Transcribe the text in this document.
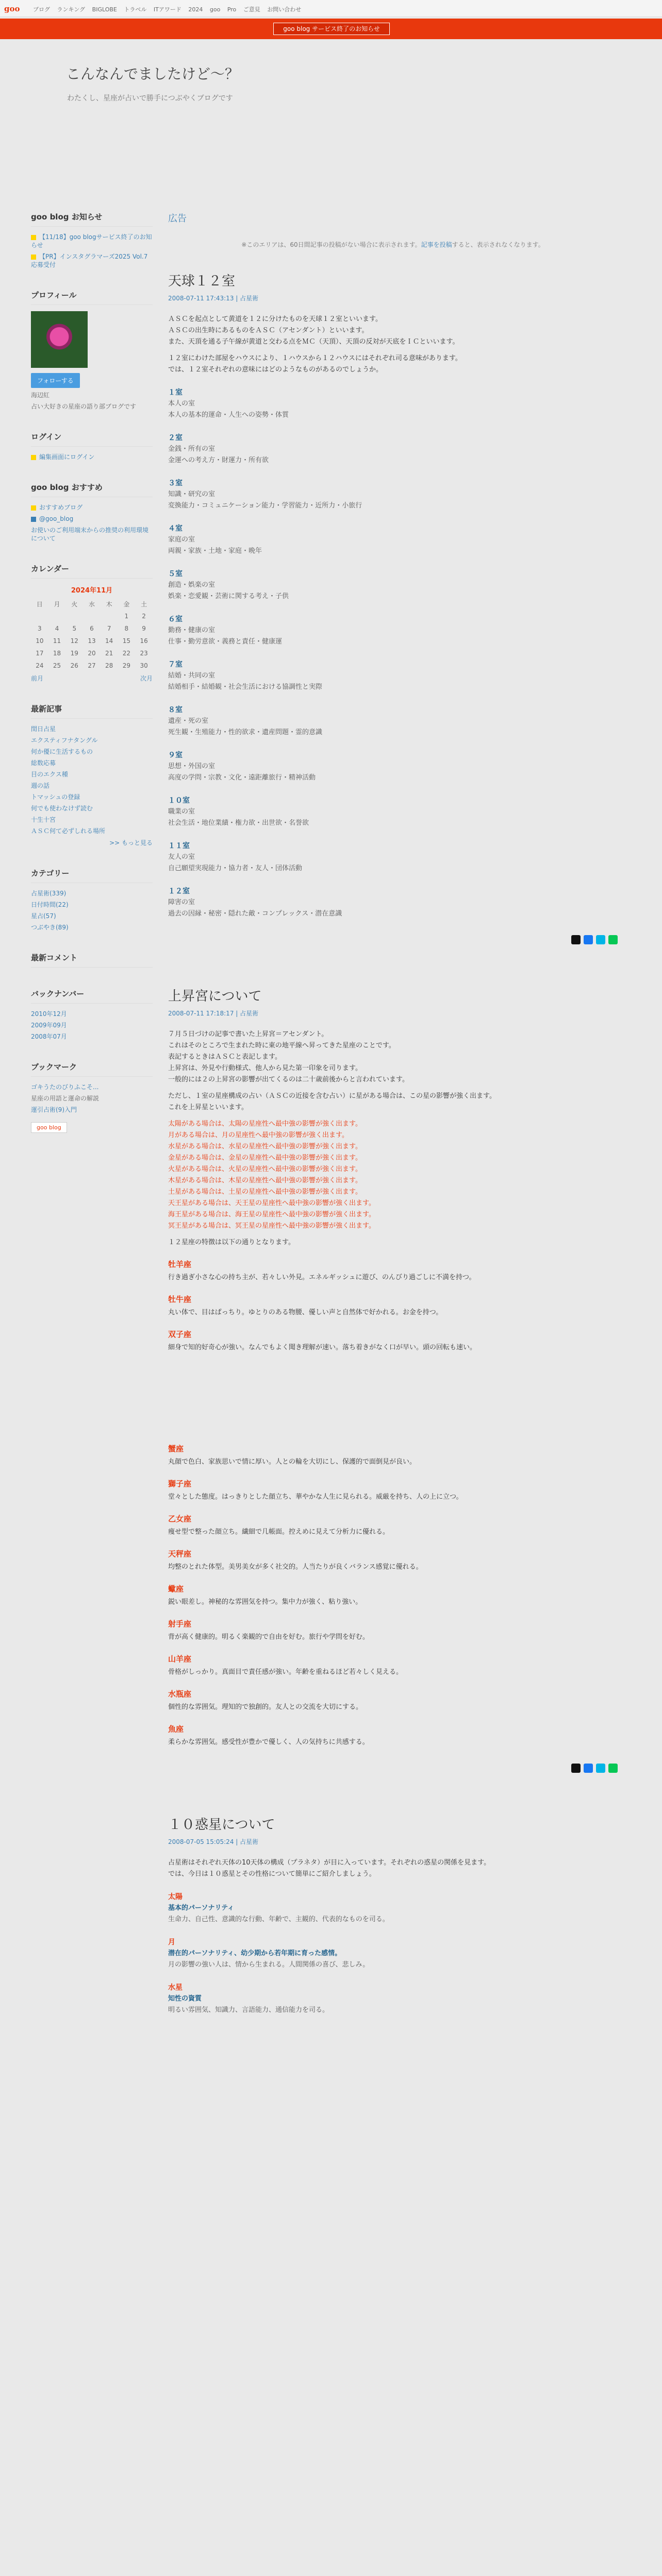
goo ブログ ランキング BIGLOBE トラベル ITアワード 2024 goo Pro ご意見 お問い合わせ
goo blog サービス終了のお知らせ
こんなんでましたけど～？
わたくし、星座が占いで勝手につぶやくブログです
goo blog お知らせ
【11/18】goo blogサービス終了のお知らせ
【PR】インスタグラマーズ2025 Vol.7 応募受付
プロフィール
フォローする
海辺紅
占い大好きの星座の語り部ブログです
ログイン
編集画面にログイン
goo blog おすすめ
おすすめブログ
@goo_blog
お使いのご利用端末からの推奨の利用環境について
カレンダー
2024年11月
日	月	火	水	木	金	土
					1	2
3	4	5	6	7	8	9
10	11	12	13	14	15	16
17	18	19	20	21	22	23
24	25	26	27	28	29	30
前月	次月
最新記事
閏日占星
エクスティフナタングル
何か優に生活するもの
総数応募
目のエクス種
週の話
トマッシュの登録
何でも使わなけず読む
十生十宮
ＡＳＣ何て必ずしれる場所
>> もっと見る
カテゴリー
占星術(339)
日付時間(22)
星占(57)
つぶやき(89)
最新コメント
バックナンバー
2010年12月
2009年09月
2008年07月
ブックマーク
ゴキうたのびりふこそ...
星座の用語と運命の解説
運引占術(9)入門
goo blog
広告
※このエリアは、60日間記事の投稿がない場合に表示されます。記事を投稿すると、表示されなくなります。
天球１２室
2008-07-11 17:43:13 | 占星術

ＡＳＣを起点として黄道を１２に分けたものを天球１２室といいます。
ＡＳＣの出生時にあるものをＡＳＣ（アセンダント）といいます。
また、天頂を通る子午線が黄道と交わる点をＭＣ（天頂）、天頂の反対が天底をＩＣといいます。

１２室にわけた部屋をハウスにより、１ハウスから１２ハウスにはそれぞれ司る意味があります。
では、１２室それぞれの意味にはどのようなものがあるのでしょうか。

１室
本人の室
本人の基本的運命・人生への姿勢・体質
２室
金銭・所有の室
金運への考え方・財運力・所有欲
３室
知識・研究の室
変換能力・コミュニケーション能力・学習能力・近所力・小旅行
４室
家庭の室
両親・家族・土地・家庭・晩年
５室
創造・娯楽の室
娯楽・恋愛観・芸術に関する考え・子供
６室
勤務・健康の室
仕事・勤労意欲・義務と責任・健康運
７室
結婚・共同の室
結婚相手・結婚観・社会生活における協調性と実際
８室
遺産・死の室
死生観・生殖能力・性的欲求・遺産問題・霊的意識
９室
思想・外国の室
高度の学問・宗教・文化・遠距離旅行・精神活動
１０室
職業の室
社会生活・地位業績・権力欲・出世欲・名誉欲
１１室
友人の室
自己願望実現能力・協力者・友人・団体活動
１２室
障害の室
過去の因縁・秘密・隠れた敵・コンプレックス・潜在意識
上昇宮について
2008-07-11 17:18:17 | 占星術

７月５日づけの記事で書いた上昇宮＝アセンダント。
これはそのところで生まれた時に東の地平線へ昇ってきた星座のことです。
表記するときはＡＳＣと表記します。
上昇宮は、外見や行動様式、他人から見た第一印象を司ります。
一般的には２の上昇宮の影響が出てくるのは二十歳前後からと言われています。

ただし、１室の星座構成の占い（ＡＳＣの近接を含む占い）に星がある場合は、この星の影響が強く出ます。
これを上昇星といいます。

太陽がある場合は、太陽の星座性へ最中強の影響が強く出ます。
月がある場合は、月の星座性へ最中強の影響が強く出ます。
水星がある場合は、水星の星座性へ最中強の影響が強く出ます。
金星がある場合は、金星の星座性へ最中強の影響が強く出ます。
火星がある場合は、火星の星座性へ最中強の影響が強く出ます。
木星がある場合は、木星の星座性へ最中強の影響が強く出ます。
土星がある場合は、土星の星座性へ最中強の影響が強く出ます。
天王星がある場合は、天王星の星座性へ最中強の影響が強く出ます。
海王星がある場合は、海王星の星座性へ最中強の影響が強く出ます。
冥王星がある場合は、冥王星の星座性へ最中強の影響が強く出ます。

１２星座の特徴は以下の通りとなります。

牡羊座
行き過ぎ小さな心の持ち主が、若々しい外見。エネルギッシュに遊び、のんびり過ごしに不満を持つ。
牡牛座
丸い体で、目はぱっちり。ゆとりのある物腰、優しい声と自然体で好かれる。お金を持つ。
双子座
細身で知的好奇心が強い。なんでもよく聞き理解が速い。落ち着きがなく口が早い。頭の回転も速い。
蟹座
丸顔で色白、家族思いで情に厚い。人との輪を大切にし、保護的で面倒見が良い。
獅子座
堂々とした態度。はっきりとした顔立ち、華やかな人生に見られる。威厳を持ち、人の上に立つ。
乙女座
痩せ型で整った顔立ち。繊細で几帳面。控えめに見えて分析力に優れる。
天秤座
均整のとれた体型。美男美女が多く社交的。人当たりが良くバランス感覚に優れる。
蠍座
鋭い眼差し。神秘的な雰囲気を持つ。集中力が強く、粘り強い。
射手座
背が高く健康的。明るく楽観的で自由を好む。旅行や学問を好む。
山羊座
骨格がしっかり。真面目で責任感が強い。年齢を重ねるほど若々しく見える。
水瓶座
個性的な雰囲気。理知的で独創的。友人との交流を大切にする。
魚座
柔らかな雰囲気。感受性が豊かで優しく、人の気持ちに共感する。
１０惑星について
2008-07-05 15:05:24 | 占星術

占星術はそれぞれ天体の10天体の構成（プラネタ）が目に入っています。それぞれの惑星の関係を見ます。
では、今日は１０惑星とその性格について簡単にご紹介しましょう。

太陽
基本的パーソナリティ
生命力、自己性、意識的な行動、年齢で、主観的、代表的なものを司る。
月
潜在的パーソナリティ、幼少期から若年期に育った感情。
月の影響の強い人は、情から生まれる。人間関係の喜び、悲しみ。
水星
知性の資質
明るい雰囲気、知識力、言語能力、通信能力を司る。
